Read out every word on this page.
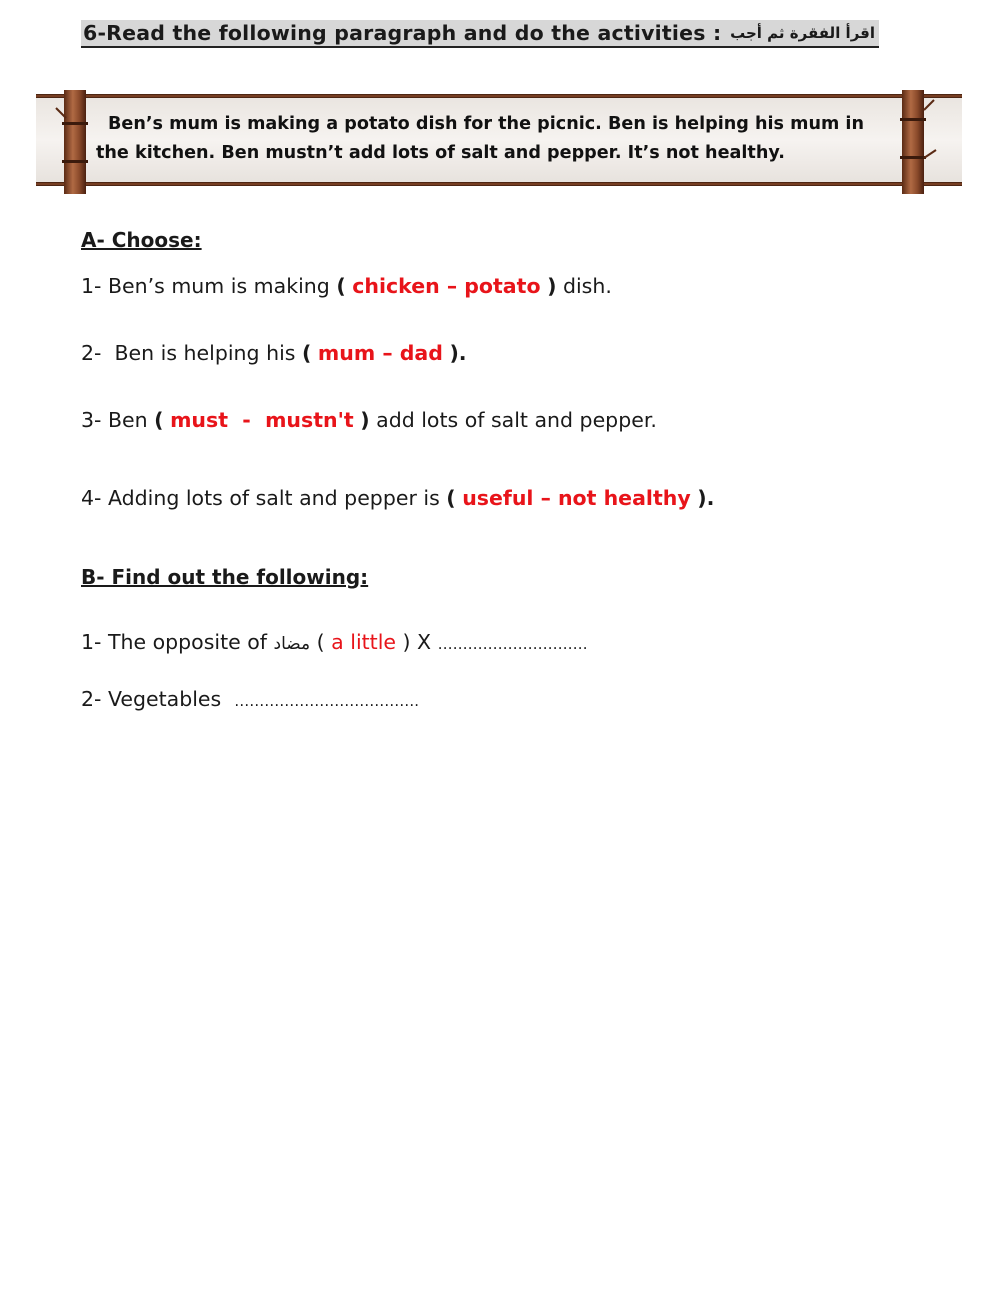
6-Read the following paragraph and do the activities : اقرأ الفقرة ثم أجب
Ben’s mum is making a potato dish for the picnic. Ben is helping his mum in
the kitchen. Ben mustn’t add lots of salt and pepper. It’s not healthy.
A- Choose:
1- Ben’s mum is making ( chicken – potato ) dish.
2-  Ben is helping his ( mum – dad ).
3- Ben ( must  -  mustn't ) add lots of salt and pepper.
4- Adding lots of salt and pepper is ( useful – not healthy ).
B- Find out the following:
1- The opposite of مضاد ( a little ) X …………………………
2- Vegetables  ……………………………….
